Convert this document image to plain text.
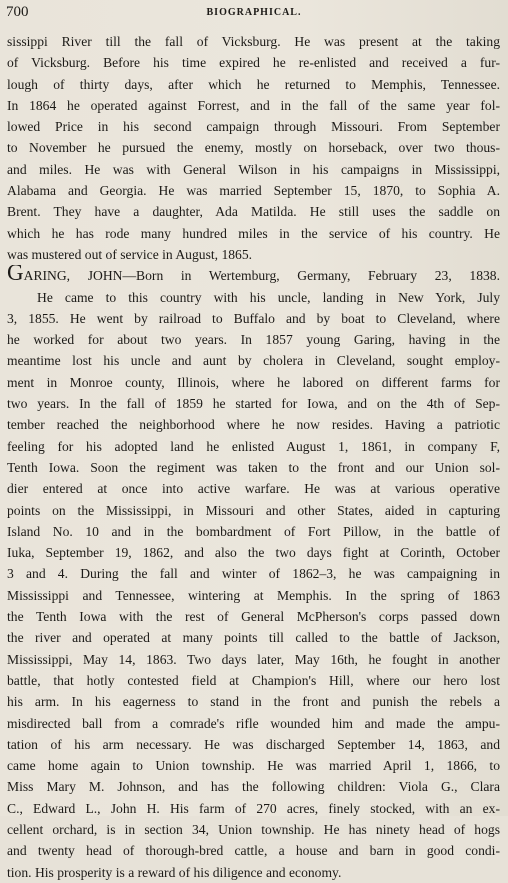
700	BIOGRAPHICAL.
sissippi River till the fall of Vicksburg. He was present at the taking
of Vicksburg. Before his time expired he re-enlisted and received a fur-
lough of thirty days, after which he returned to Memphis, Tennessee.
In 1864 he operated against Forrest, and in the fall of the same year fol-
lowed Price in his second campaign through Missouri. From September
to November he pursued the enemy, mostly on horseback, over two thous-
and miles. He was with General Wilson in his campaigns in Mississippi,
Alabama and Georgia. He was married September 15, 1870, to Sophia A.
Brent. They have a daughter, Ada Matilda. He still uses the saddle on
which he has rode many hundred miles in the service of his country. He
was mustered out of service in August, 1865.
GARING, JOHN—Born in Wertemburg, Germany, February 23, 1838.
He came to this country with his uncle, landing in New York, July
3, 1855. He went by railroad to Buffalo and by boat to Cleveland, where
he worked for about two years. In 1857 young Garing, having in the
meantime lost his uncle and aunt by cholera in Cleveland, sought employ-
ment in Monroe county, Illinois, where he labored on different farms for
two years. In the fall of 1859 he started for Iowa, and on the 4th of Sep-
tember reached the neighborhood where he now resides. Having a patriotic
feeling for his adopted land he enlisted August 1, 1861, in company F,
Tenth Iowa. Soon the regiment was taken to the front and our Union sol-
dier entered at once into active warfare. He was at various operative
points on the Mississippi, in Missouri and other States, aided in capturing
Island No. 10 and in the bombardment of Fort Pillow, in the battle of
Iuka, September 19, 1862, and also the two days fight at Corinth, October
3 and 4. During the fall and winter of 1862–3, he was campaigning in
Mississippi and Tennessee, wintering at Memphis. In the spring of 1863
the Tenth Iowa with the rest of General McPherson's corps passed down
the river and operated at many points till called to the battle of Jackson,
Mississippi, May 14, 1863. Two days later, May 16th, he fought in another
battle, that hotly contested field at Champion's Hill, where our hero lost
his arm. In his eagerness to stand in the front and punish the rebels a
misdirected ball from a comrade's rifle wounded him and made the ampu-
tation of his arm necessary. He was discharged September 14, 1863, and
came home again to Union township. He was married April 1, 1866, to
Miss Mary M. Johnson, and has the following children: Viola G., Clara
C., Edward L., John H. His farm of 270 acres, finely stocked, with an ex-
cellent orchard, is in section 34, Union township. He has ninety head of hogs
and twenty head of thorough-bred cattle, a house and barn in good condi-
tion. His prosperity is a reward of his diligence and economy.
